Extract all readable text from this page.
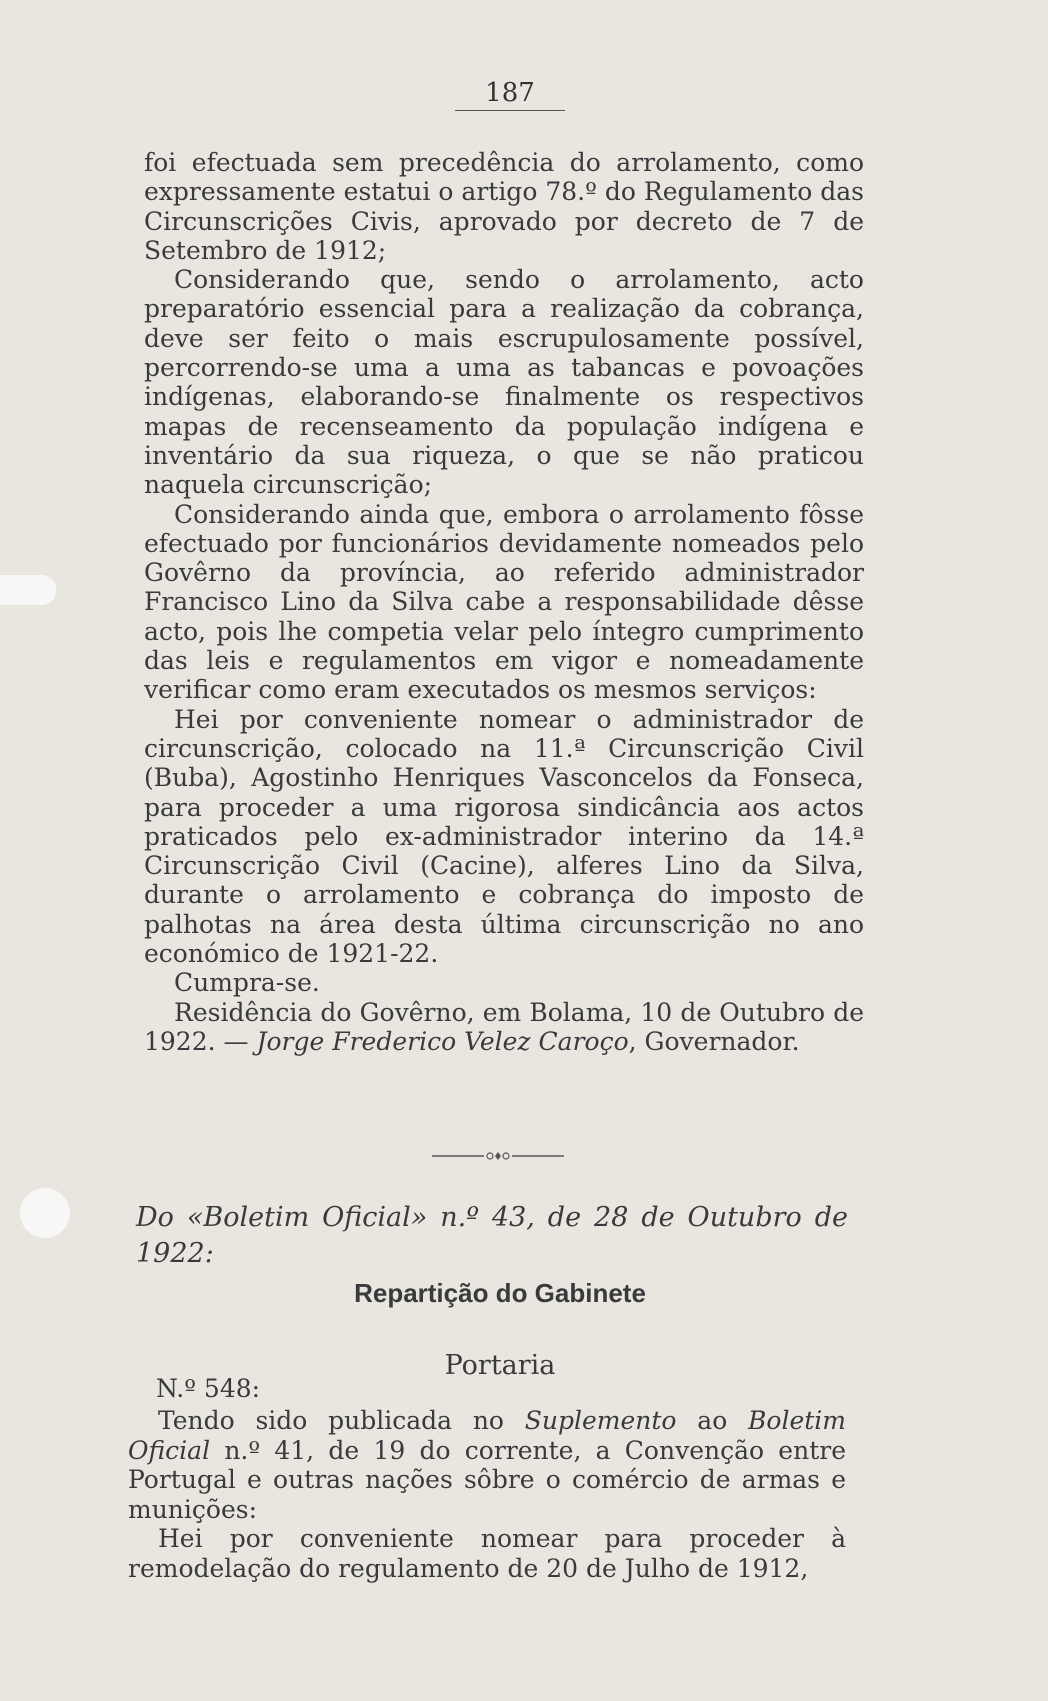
187

foi efectuada sem precedência do arrolamento, como expressamente estatui o artigo 78.º do Regulamento das Circunscrições Civis, aprovado por decreto de 7 de Setembro de 1912;

Considerando que, sendo o arrolamento, acto preparatório essencial para a realização da cobrança, deve ser feito o mais escrupulosamente possível, percorrendo-se uma a uma as tabancas e povoações indígenas, elaborando-se finalmente os respectivos mapas de recenseamento da população indígena e inventário da sua riqueza, o que se não praticou naquela circunscrição;

Considerando ainda que, embora o arrolamento fôsse efectuado por funcionários devidamente nomeados pelo Govêrno da província, ao referido administrador Francisco Lino da Silva cabe a responsabilidade dêsse acto, pois lhe competia velar pelo íntegro cumprimento das leis e regulamentos em vigor e nomeadamente verificar como eram executados os mesmos serviços:

Hei por conveniente nomear o administrador de circunscrição, colocado na 11.ª Circunscrição Civil (Buba), Agostinho Henriques Vasconcelos da Fonseca, para proceder a uma rigorosa sindicância aos actos praticados pelo ex-administrador interino da 14.ª Circunscrição Civil (Cacine), alferes Lino da Silva, durante o arrolamento e cobrança do imposto de palhotas na área desta última circunscrição no ano económico de 1921-22.

Cumpra-se.

Residência do Govêrno, em Bolama, 10 de Outubro de 1922. — Jorge Frederico Velez Caroço, Governador.

Do «Boletim Oficial» n.º 43, de 28 de Outubro de 1922:
Repartição do Gabinete
Portaria
N.º 548:

Tendo sido publicada no Suplemento ao Boletim Oficial n.º 41, de 19 do corrente, a Convenção entre Portugal e outras nações sôbre o comércio de armas e munições:

Hei por conveniente nomear para proceder à remodelação do regulamento de 20 de Julho de 1912,
